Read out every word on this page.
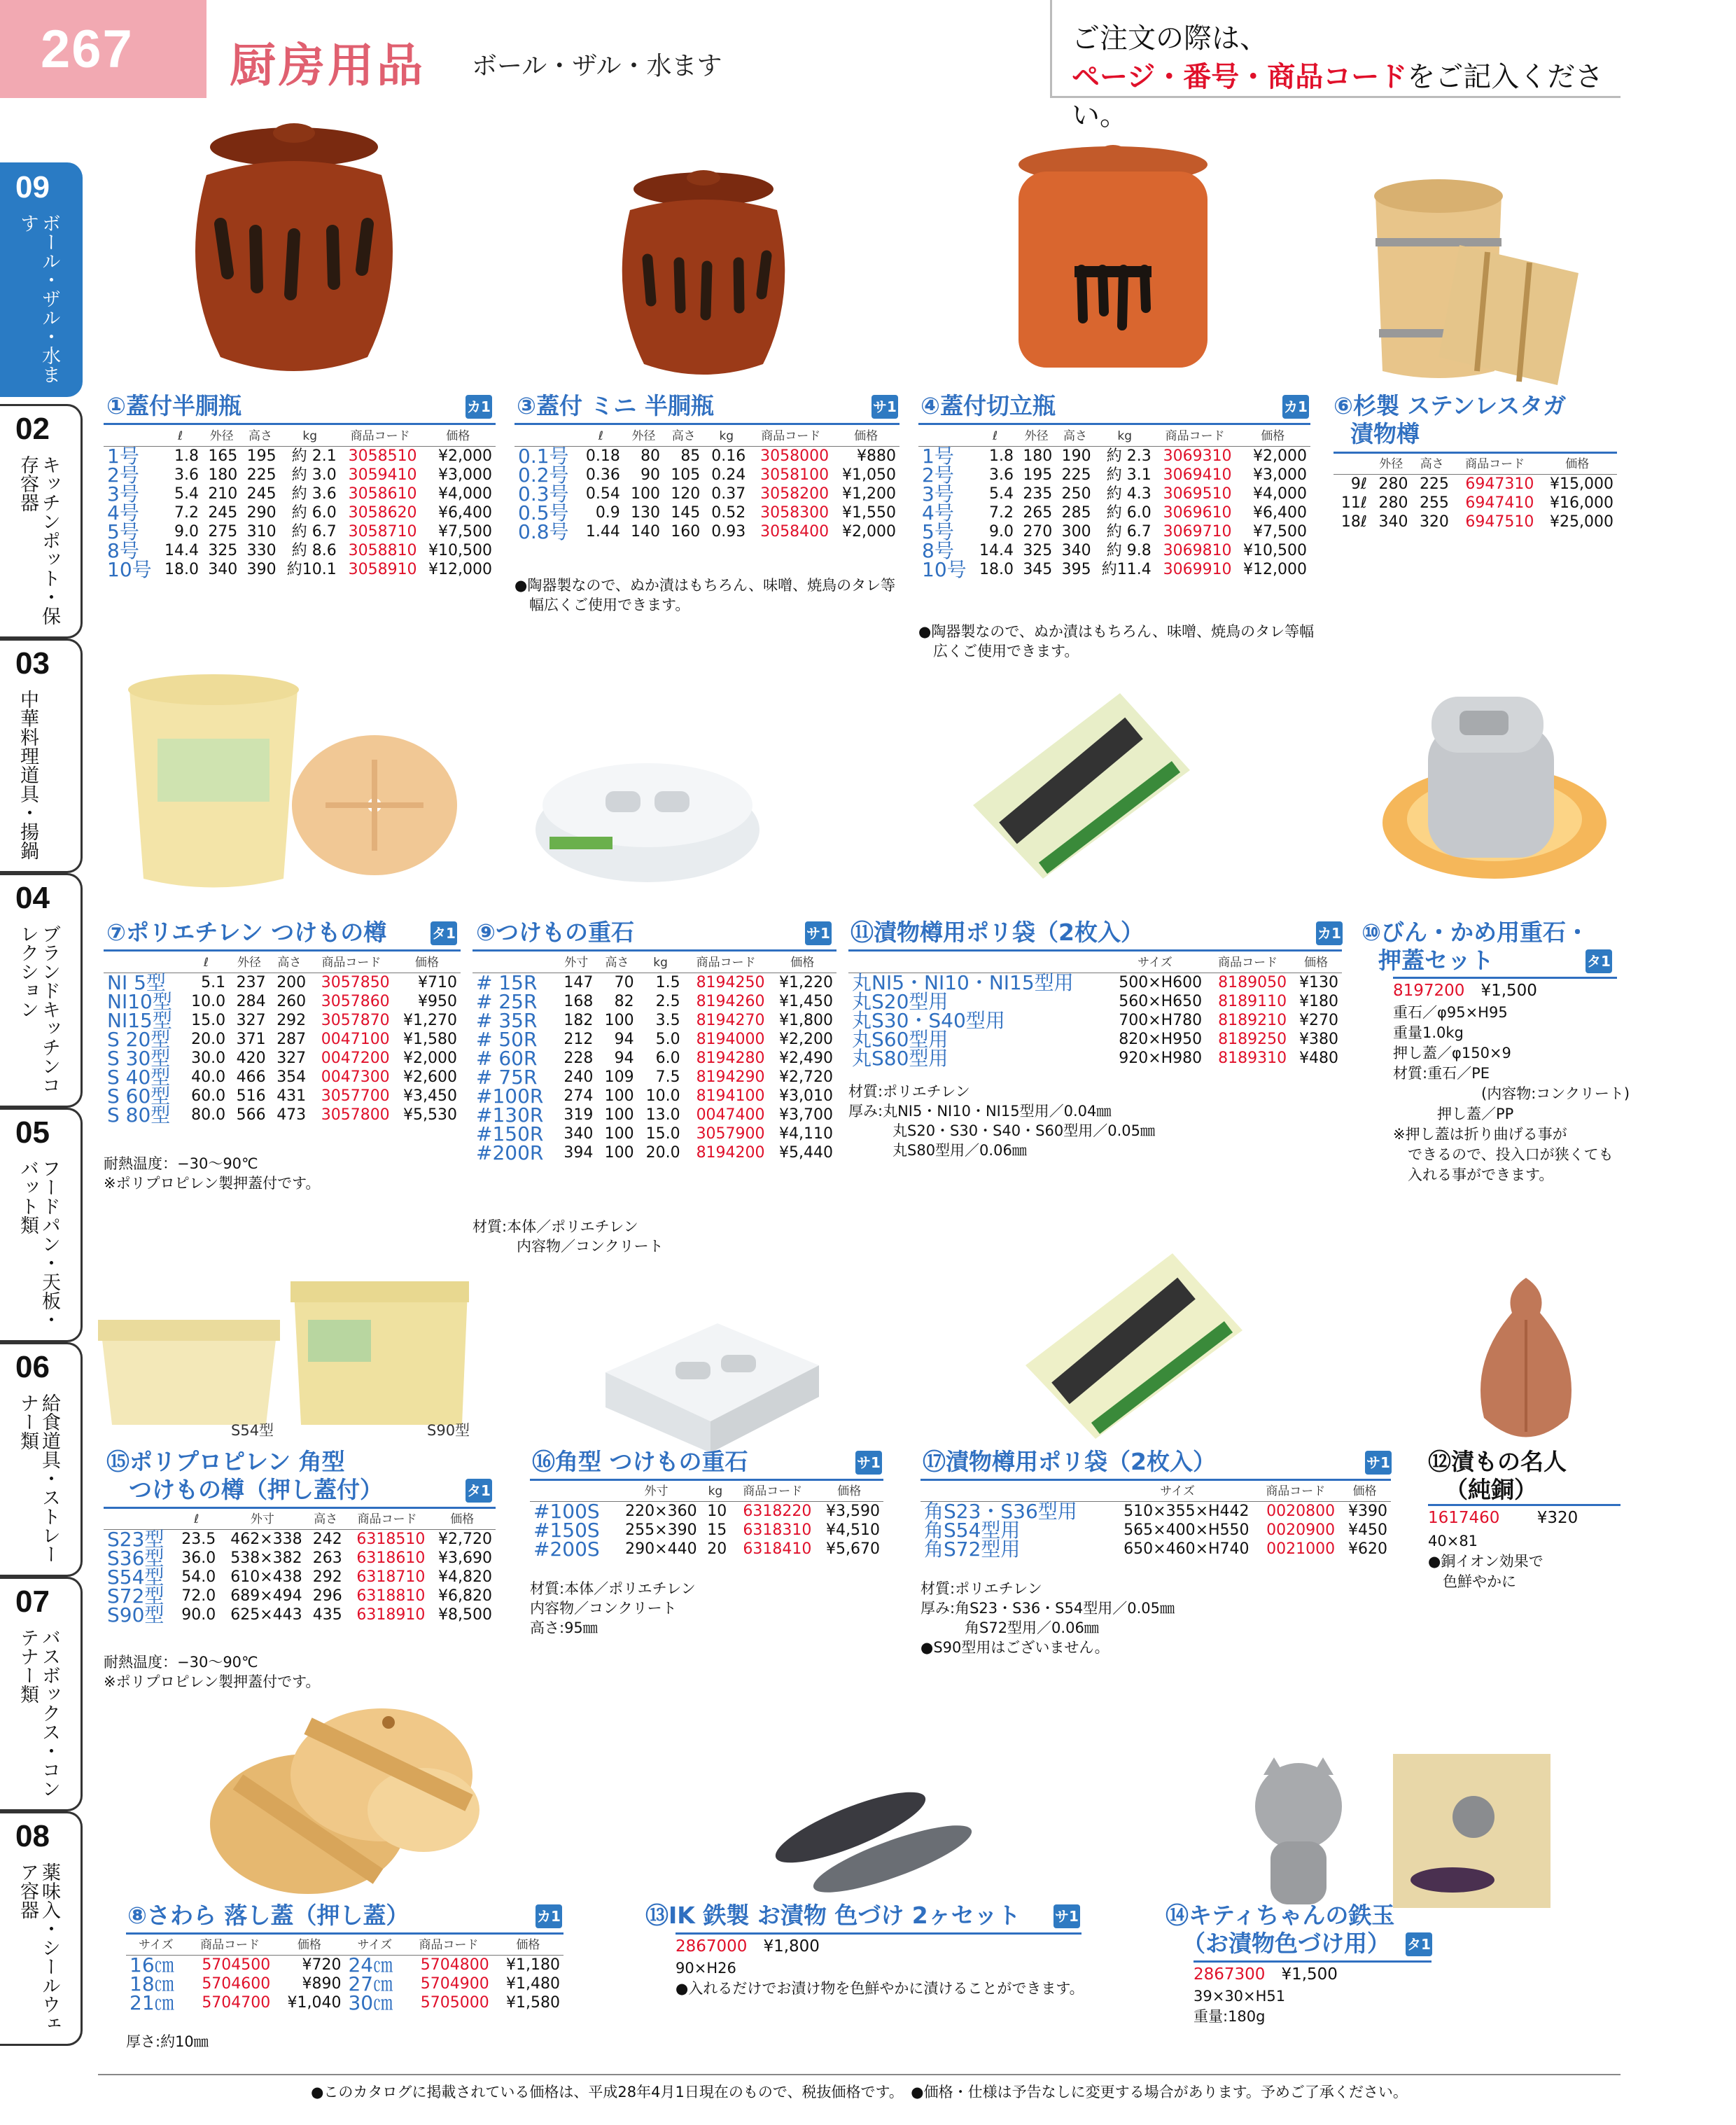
267	厨房用品 ボール・ザル・水ます
ご注文の際は、
ページ・番号・商品コードをご記入ください。
09
ボール・ザル・水ます
02
キッチンポット・保存容器
03
中華料理道具・揚鍋
04
ブランドキッチンコレクション
05
フードパン・天板・バット類
06
給食道具・ストレーナー類
07
バスボックス・コンテナー類
08
薬味入・シールウェア容器
①蓋付半胴瓶	カ1
	ℓ	外径	高さ	kg	商品コード	価格
1号	1.8	165	195	約 2.1	3058510	¥2,000
2号	3.6	180	225	約 3.0	3059410	¥3,000
3号	5.4	210	245	約 3.6	3058610	¥4,000
4号	7.2	245	290	約 6.0	3058620	¥6,400
5号	9.0	275	310	約 6.7	3058710	¥7,500
8号	14.4	325	330	約 8.6	3058810	¥10,500
10号	18.0	340	390	約10.1	3058910	¥12,000
③蓋付 ミニ 半胴瓶	サ1
	ℓ	外径	高さ	kg	商品コード	価格
0.1号	0.18	80	85	0.16	3058000	¥880
0.2号	0.36	90	105	0.24	3058100	¥1,050
0.3号	0.54	100	120	0.37	3058200	¥1,200
0.5号	0.9	130	145	0.52	3058300	¥1,550
0.8号	1.44	140	160	0.93	3058400	¥2,000
●陶器製なので、ぬか漬はもちろん、味噌、焼鳥のタレ等
　幅広くご使用できます。
④蓋付切立瓶	カ1
	ℓ	外径	高さ	kg	商品コード	価格
1号	1.8	180	190	約 2.3	3069310	¥2,000
2号	3.6	195	225	約 3.1	3069410	¥3,000
3号	5.4	235	250	約 4.3	3069510	¥4,000
4号	7.2	265	285	約 6.0	3069610	¥6,400
5号	9.0	270	300	約 6.7	3069710	¥7,500
8号	14.4	325	340	約 9.8	3069810	¥10,500
10号	18.0	345	395	約11.4	3069910	¥12,000
●陶器製なので、ぬか漬はもちろん、味噌、焼鳥のタレ等幅
　広くご使用できます。
⑥杉製 ステンレスタガ
漬物樽
	外径	高さ	商品コード	価格
9ℓ	280	225	6947310	¥15,000
11ℓ	280	255	6947410	¥16,000
18ℓ	340	320	6947510	¥25,000
⑦ポリエチレン つけもの樽	タ1
	ℓ	外径	高さ	商品コード	価格
NI 5型	5.1	237	200	3057850	¥710
NI10型	10.0	284	260	3057860	¥950
NI15型	15.0	327	292	3057870	¥1,270
S 20型	20.0	371	287	0047100	¥1,580
S 30型	30.0	420	327	0047200	¥2,000
S 40型	40.0	466	354	0047300	¥2,600
S 60型	60.0	516	431	3057700	¥3,450
S 80型	80.0	566	473	3057800	¥5,530
耐熱温度：−30〜90℃
※ポリプロピレン製押蓋付です。
⑨つけもの重石	サ1
	外寸	高さ	kg	商品コード	価格
# 15R	147	70	1.5	8194250	¥1,220
# 25R	168	82	2.5	8194260	¥1,450
# 35R	182	100	3.5	8194270	¥1,800
# 50R	212	94	5.0	8194000	¥2,200
# 60R	228	94	6.0	8194280	¥2,490
# 75R	240	109	7.5	8194290	¥2,720
#100R	274	100	10.0	8194100	¥3,010
#130R	319	100	13.0	0047400	¥3,700
#150R	340	100	15.0	3057900	¥4,110
#200R	394	100	20.0	8194200	¥5,440
材質:本体／ポリエチレン
　　　内容物／コンクリート
⑪漬物樽用ポリ袋（2枚入）	カ1
	サイズ	商品コード	価格
丸NI5・NI10・NI15型用	500×H600	8189050	¥130
丸S20型用	560×H650	8189110	¥180
丸S30・S40型用	700×H780	8189210	¥270
丸S60型用	820×H950	8189250	¥380
丸S80型用	920×H980	8189310	¥480
材質:ポリエチレン
厚み:丸NI5・NI10・NI15型用／0.04㎜
　　　丸S20・S30・S40・S60型用／0.05㎜
　　　丸S80型用／0.06㎜
⑩びん・かめ用重石・
押蓋セット	タ1
8197200　 ¥1,500
重石／φ95×H95
重量1.0kg
押し蓋／φ150×9
材質:重石／PE
　　　　　　(内容物:コンクリート)
　　　押し蓋／PP
※押し蓋は折り曲げる事が
　できるので、投入口が狭くても
　入れる事ができます。
S54型	S90型
⑮ポリプロピレン 角型
つけもの樽（押し蓋付）	タ1
	ℓ	外寸	高さ	商品コード	価格
S23型	23.5	462×338	242	6318510	¥2,720
S36型	36.0	538×382	263	6318610	¥3,690
S54型	54.0	610×438	292	6318710	¥4,820
S72型	72.0	689×494	296	6318810	¥6,820
S90型	90.0	625×443	435	6318910	¥8,500
耐熱温度：−30〜90℃
※ポリプロピレン製押蓋付です。
⑯角型 つけもの重石	サ1
	外寸	kg	商品コード	価格
#100S	220×360	10	6318220	¥3,590
#150S	255×390	15	6318310	¥4,510
#200S	290×440	20	6318410	¥5,670
材質:本体／ポリエチレン
内容物／コンクリート
高さ:95㎜
⑰漬物樽用ポリ袋（2枚入）	サ1
	サイズ	商品コード	価格
角S23・S36型用	510×355×H442	0020800	¥390
角S54型用	565×400×H550	0020900	¥450
角S72型用	650×460×H740	0021000	¥620
材質:ポリエチレン
厚み:角S23・S36・S54型用／0.05㎜
　　　角S72型用／0.06㎜
●S90型用はございません。
⑫漬もの名人
（純銅）
1617460　　 ¥320
40×81
●銅イオン効果で
　色鮮やかに
⑧さわら 落し蓋（押し蓋）	カ1
サイズ	商品コード	価格	サイズ	商品コード	価格
16㎝	5704500	¥720	24㎝	5704800	¥1,180
18㎝	5704600	¥890	27㎝	5704900	¥1,480
21㎝	5704700	¥1,040	30㎝	5705000	¥1,580
厚さ:約10㎜
⑬IK 鉄製 お漬物 色づけ 2ヶセット サ1
2867000　 ¥1,800
90×H26
●入れるだけでお漬け物を色鮮やかに漬けることができます。
⑭キティちゃんの鉄玉
（お漬物色づけ用）	タ1
2867300　 ¥1,500
39×30×H51
重量:180g
●このカタログに掲載されている価格は、平成28年4月1日現在のもので、税抜価格です。　●価格・仕様は予告なしに変更する場合があります。予めご了承ください。
